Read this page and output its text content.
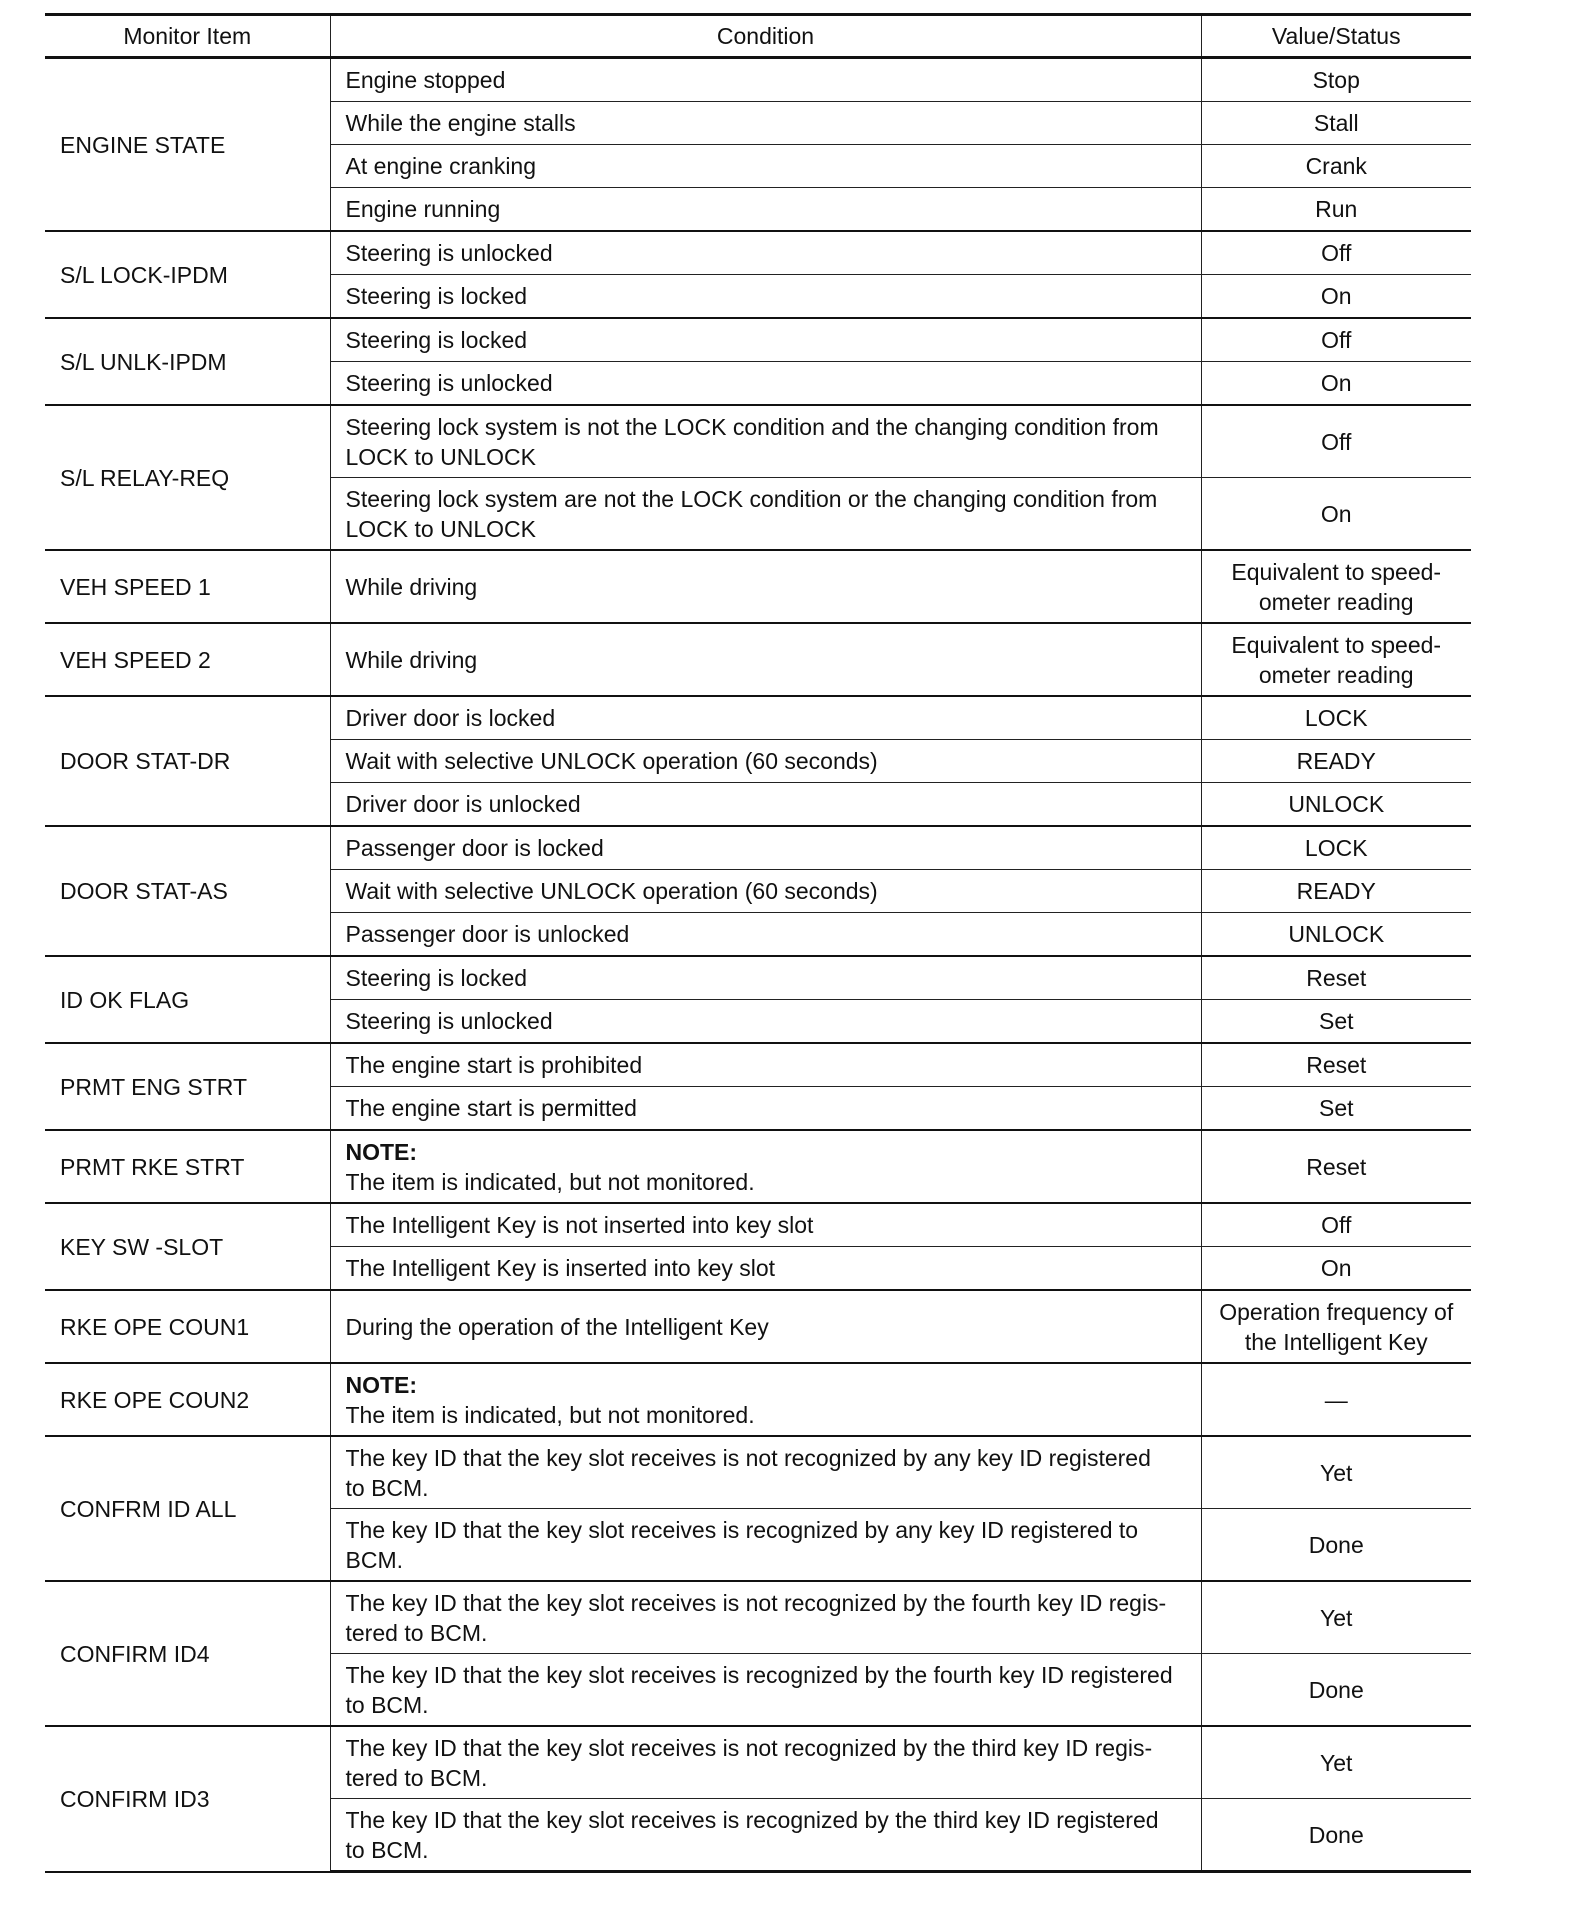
Monitor Item	Condition	Value/Status
ENGINE STATE	Engine stopped	Stop
	While the engine stalls	Stall
	At engine cranking	Crank
	Engine running	Run
S/L LOCK-IPDM	Steering is unlocked	Off
	Steering is locked	On
S/L UNLK-IPDM	Steering is locked	Off
	Steering is unlocked	On
S/L RELAY-REQ	Steering lock system is not the LOCK condition and the changing condition from
LOCK to UNLOCK	Off

	Steering lock system are not the LOCK condition or the changing condition from
LOCK to UNLOCK	On
VEH SPEED 1	While driving	Equivalent to speed-
ometer reading

VEH SPEED 2	While driving	Equivalent to speed-
ometer reading

DOOR STAT-DR	Driver door is locked	LOCK
	Wait with selective UNLOCK operation (60 seconds)	READY
	Driver door is unlocked	UNLOCK
DOOR STAT-AS	Passenger door is locked	LOCK
	Wait with selective UNLOCK operation (60 seconds)	READY
	Passenger door is unlocked	UNLOCK
ID OK FLAG	Steering is locked	Reset
	Steering is unlocked	Set
PRMT ENG STRT	The engine start is prohibited	Reset
	The engine start is permitted	Set
PRMT RKE STRT	NOTE:
The item is indicated, but not monitored.	Reset
KEY SW -SLOT	The Intelligent Key is not inserted into key slot	Off
	The Intelligent Key is inserted into key slot	On
RKE OPE COUN1	During the operation of the Intelligent Key	Operation frequency of
the Intelligent Key

RKE OPE COUN2	NOTE:
The item is indicated, but not monitored.	—
CONFRM ID ALL	The key ID that the key slot receives is not recognized by any key ID registered
to BCM.	Yet

	The key ID that the key slot receives is recognized by any key ID registered to
BCM.	Done
CONFIRM ID4	The key ID that the key slot receives is not recognized by the fourth key ID regis-
tered to BCM.	Yet

	The key ID that the key slot receives is recognized by the fourth key ID registered
to BCM.	Done
CONFIRM ID3	The key ID that the key slot receives is not recognized by the third key ID regis-
tered to BCM.	Yet

	The key ID that the key slot receives is recognized by the third key ID registered
to BCM.	Done
